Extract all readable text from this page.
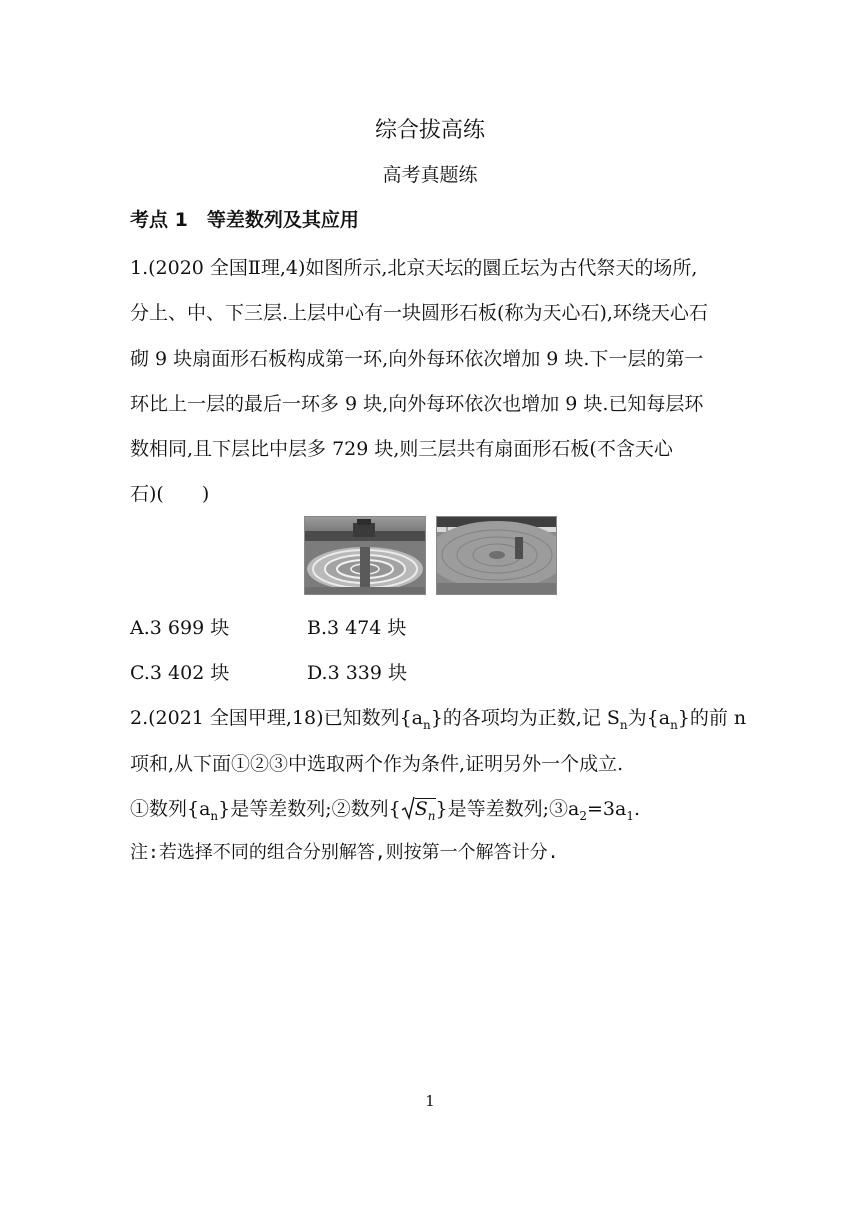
综合拔高练
高考真题练
考点 1　等差数列及其应用
1.(2020 全国Ⅱ理,4)如图所示,北京天坛的圜丘坛为古代祭天的场所,
分上、中、下三层.上层中心有一块圆形石板(称为天心石),环绕天心石
砌 9 块扇面形石板构成第一环,向外每环依次增加 9 块.下一层的第一
环比上一层的最后一环多 9 块,向外每环依次也增加 9 块.已知每层环
数相同,且下层比中层多 729 块,则三层共有扇面形石板(不含天心
石)(　　)
A.3 699 块	B.3 474 块
C.3 402 块	D.3 339 块
2.(2021 全国甲理,18)已知数列$\{a_n\}$的各项均为正数,记 $S_n$为$\{a_n\}$的前 n
项和,从下面①②③中选取两个作为条件,证明另外一个成立.
①数列$\{a_n\}$是等差数列;②数列{ $S_n$}是等差数列$;③a_2=3a_1$.
注:若选择不同的组合分别解答,则按第一个解答计分.
1
